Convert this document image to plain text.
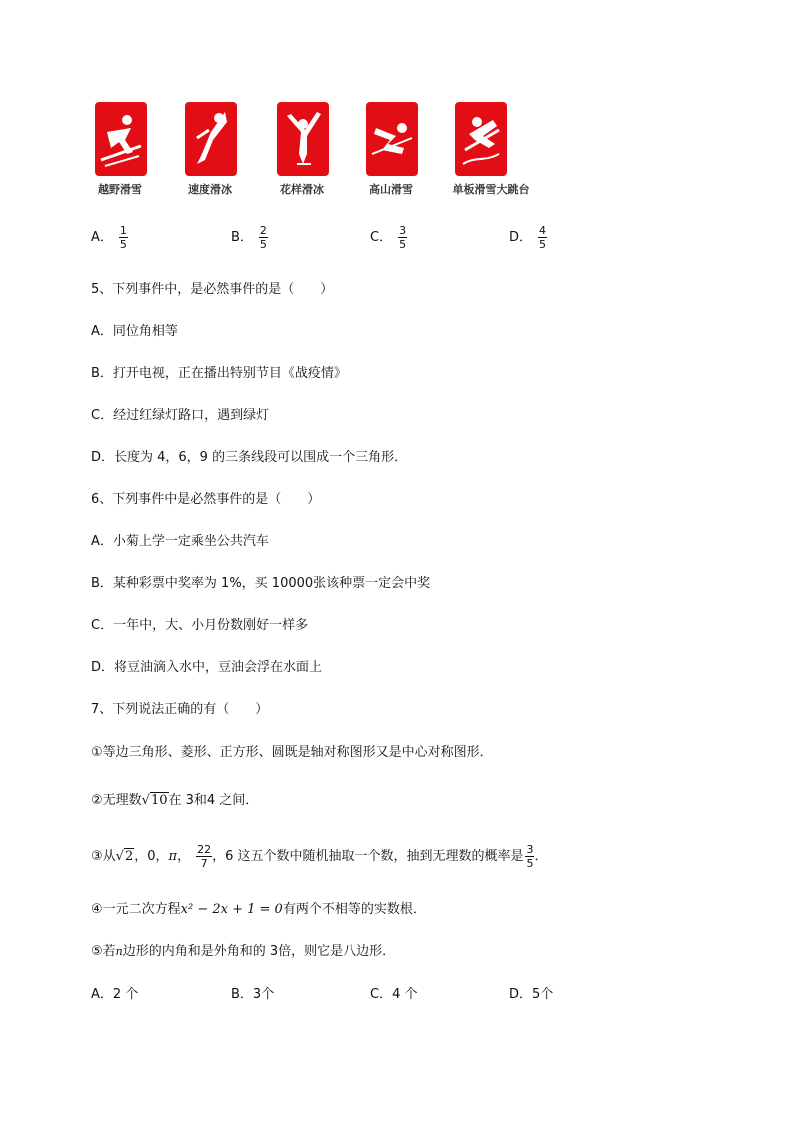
越野滑雪	速度滑冰	花样滑冰	高山滑雪	单板滑雪大跳台
A． $\frac{1}{5}$	B． $\frac{2}{5}$	C． $\frac{3}{5}$	D． $\frac{4}{5}$
5、下列事件中，是必然事件的是（　　）
A．同位角相等
B．打开电视，正在播出特别节目《战疫情》
C．经过红绿灯路口，遇到绿灯
D．长度为 4，6，9 的三条线段可以围成一个三角形．
6、下列事件中是必然事件的是（　　）
A．小菊上学一定乘坐公共汽车
B．某种彩票中奖率为 1%，买 10000张该种票一定会中奖
C．一年中，大、小月份数刚好一样多
D．将豆油滴入水中，豆油会浮在水面上
7、下列说法正确的有（　　）
①等边三角形、菱形、正方形、圆既是轴对称图形又是中心对称图形．
②无理数√10在 3和4 之间．
③从√2，0，π， $\frac{22}{7}$ ，6 这五个数中随机抽取一个数，抽到无理数的概率是 $\frac{3}{5}$ ．
④一元二次方程x² − 2x + 1 = 0有两个不相等的实数根．
⑤若n边形的内角和是外角和的 3倍，则它是八边形．
A．2 个	B．3个	C．4 个	D．5个
